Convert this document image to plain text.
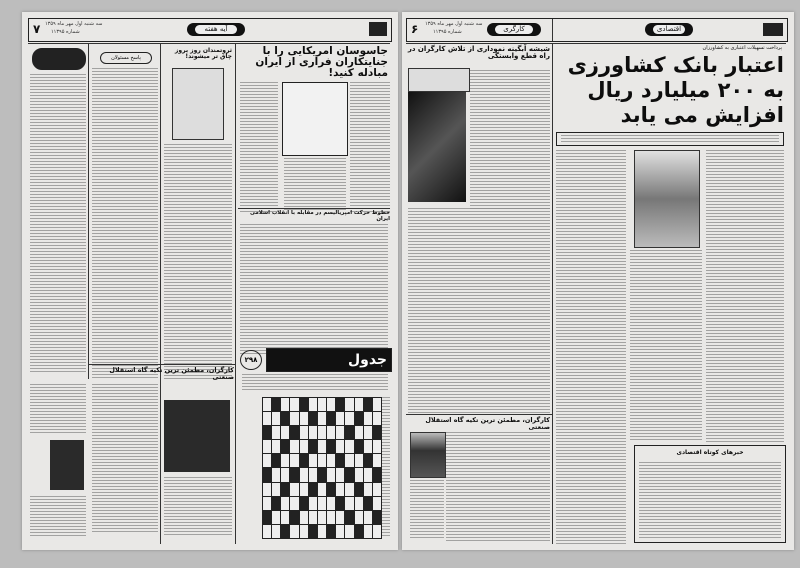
۷ سه شنبه اول مهر ماه ۱۳۵۹
شماره ۱۱۳۹۵	آیه هفته
جاسوسان امریکایی را با جنایتکاران فراری از ایران مبادله کنید!
ثروتمندان روز بروز چاق تر میشوند!
پاسخ مسئولان
خطوط حرکت امپریالیسم در مقابله با انقلاب اسلامی ایران
جدول
۲۹۸
کارگران، مطمئن ترین تکیه گاه استقلال صنعتی
۶ سه شنبه اول مهر ماه ۱۳۵۹
شماره ۱۱۳۹۵	کارگری	اقتصادی
پرداخت تسهیلات اعتباری به کشاورزان
اعتبار بانک کشاورزی به ۲۰۰ میلیارد ریال افزایش می یابد
شیشه آبگینه نموداری از تلاش کارگران در راه قطع وابستگی
کارگران، مطمئن ترین تکیه گاه استقلال صنعتی
خبرهای کوتاه اقتصادی
